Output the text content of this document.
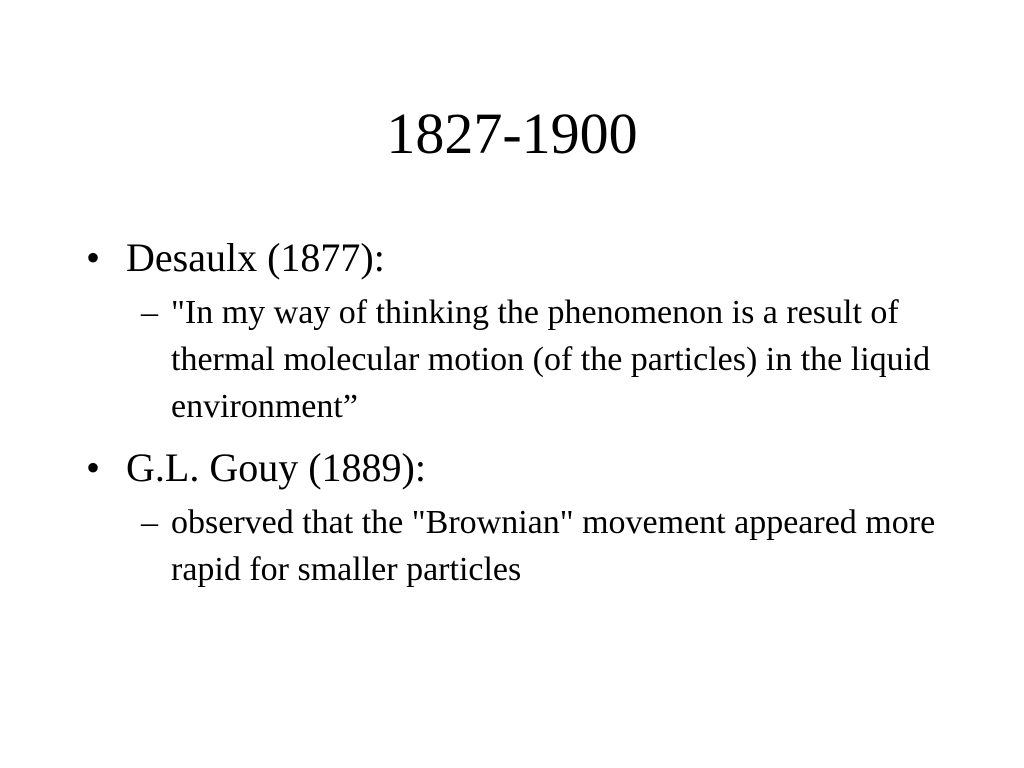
1827-1900
• Desaulx (1877):
– "In my way of thinking the phenomenon is a result of thermal molecular motion (of the particles) in the liquid environment”
• G.L. Gouy (1889):
– observed that the "Brownian" movement appeared more rapid for smaller particles
